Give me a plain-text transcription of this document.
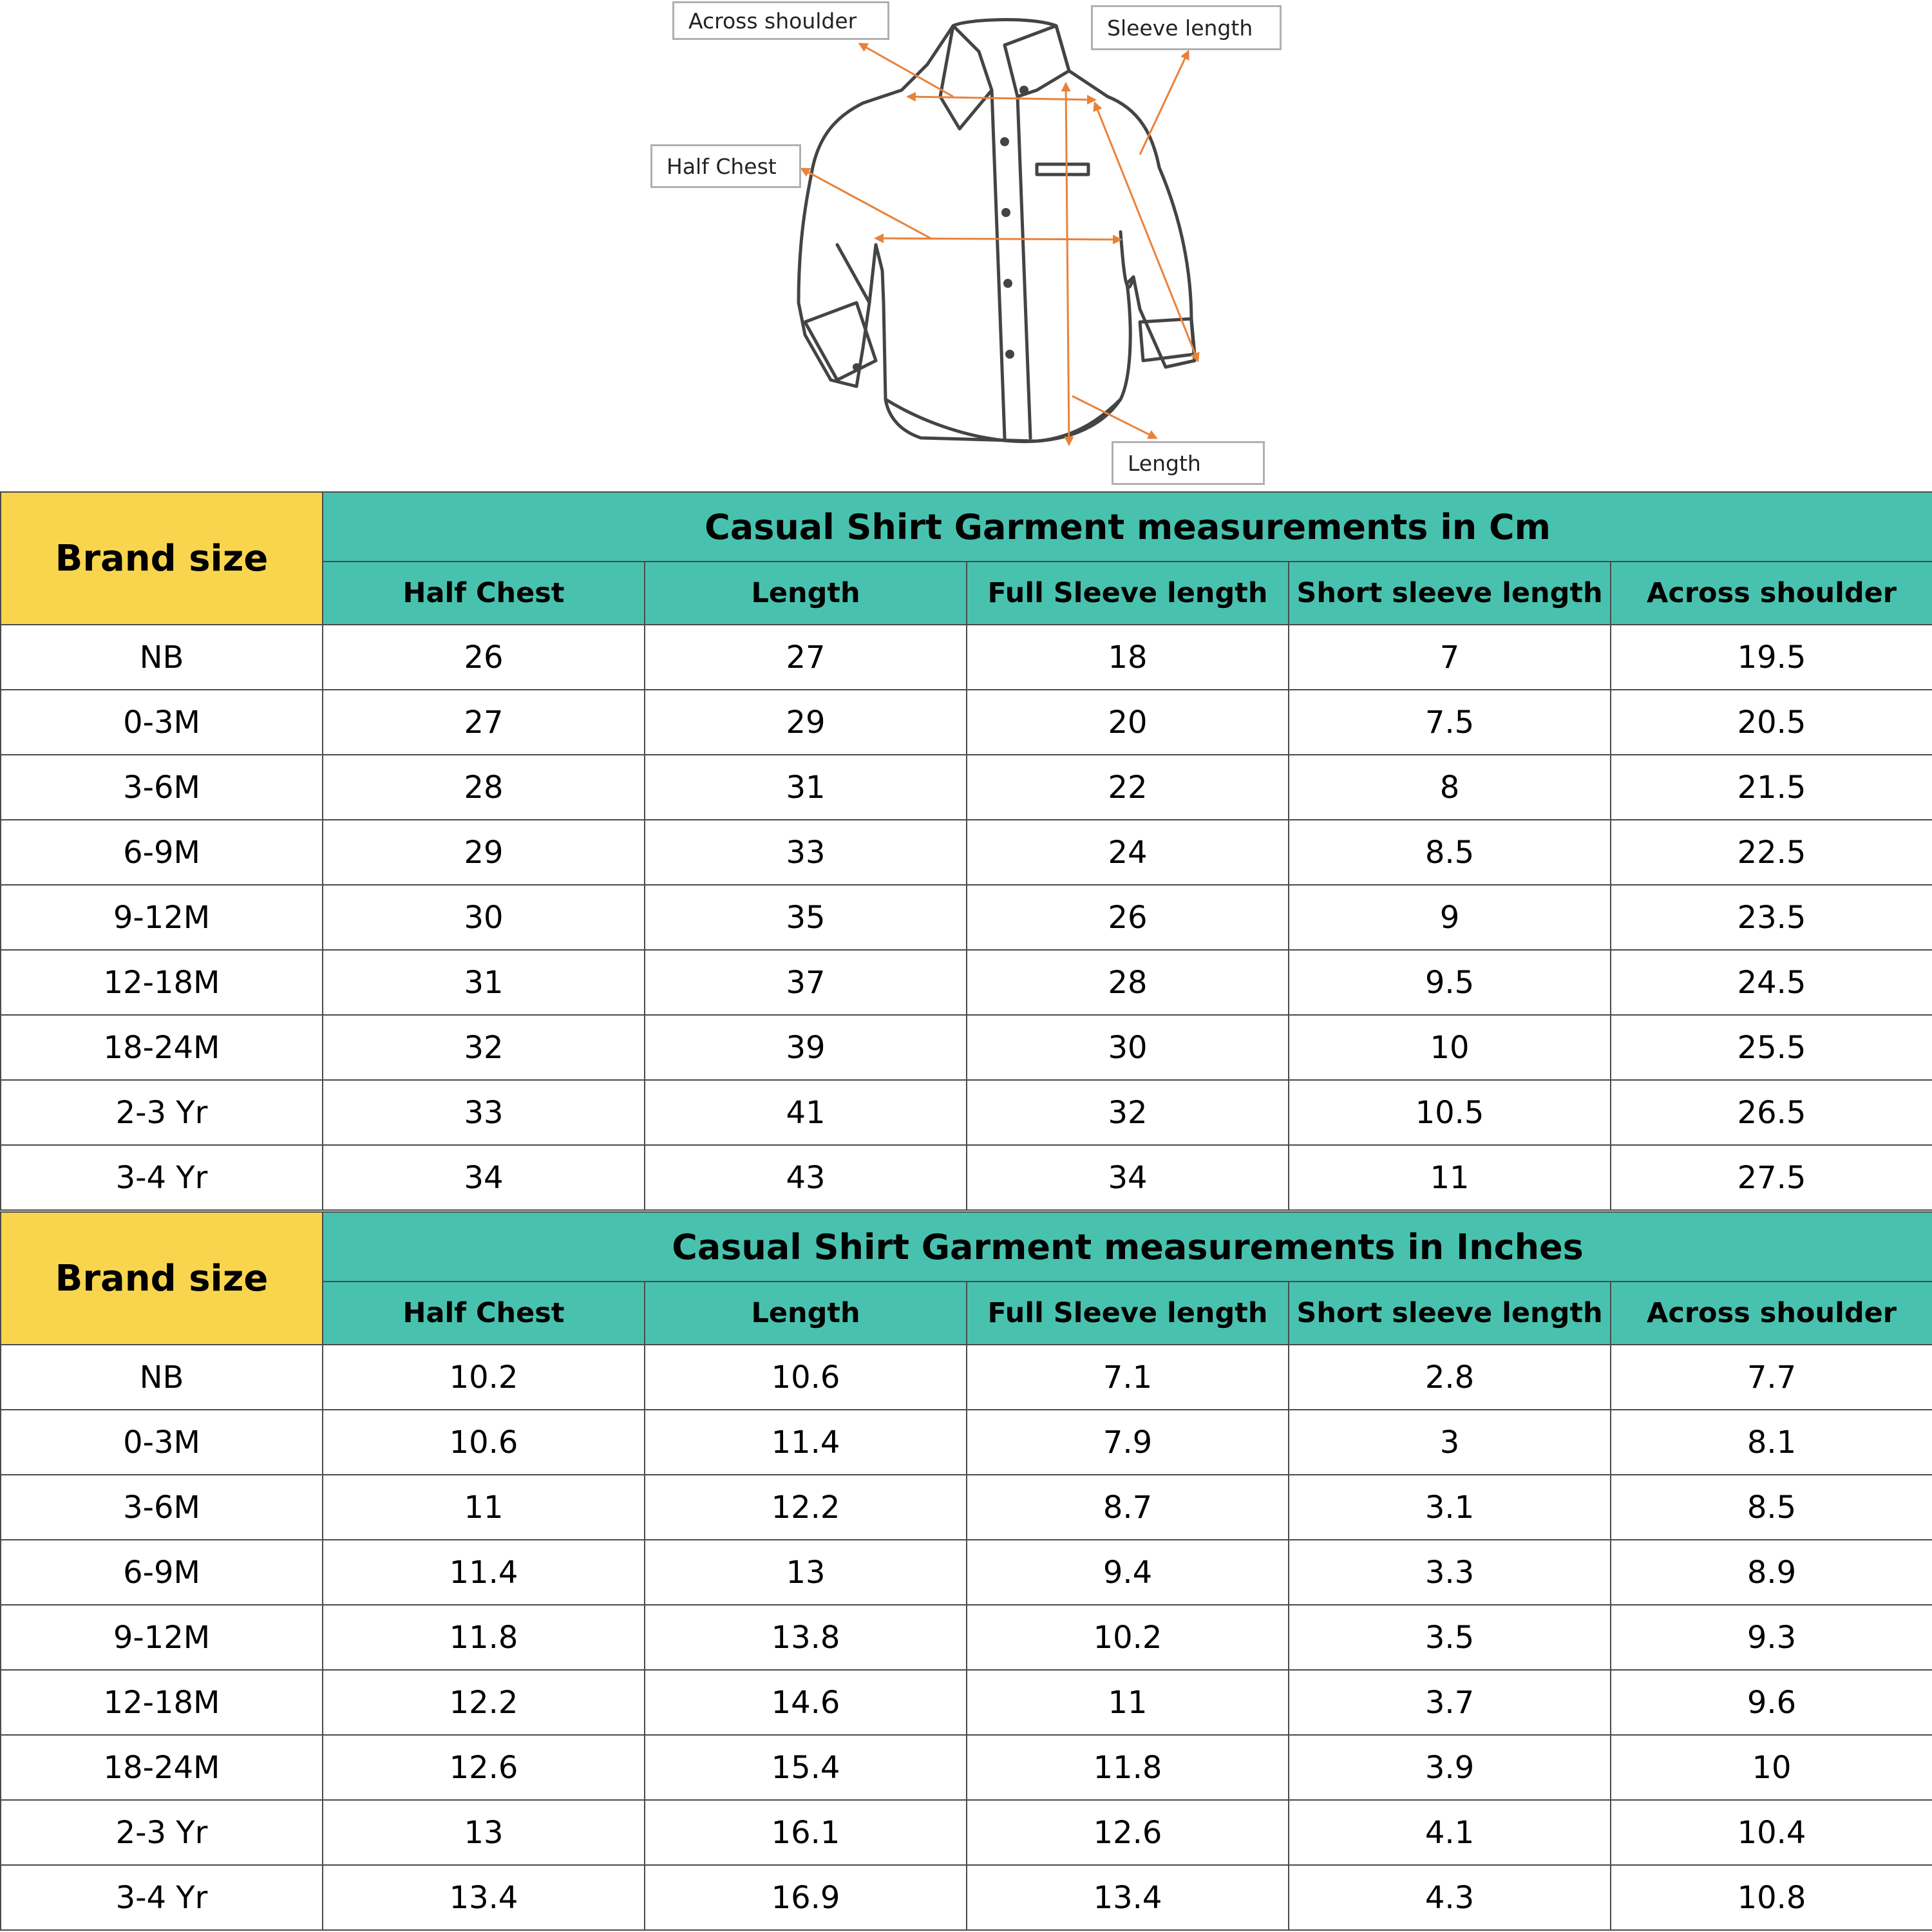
Across shoulder	Sleeve length
Half Chest
Length
Brand size	Casual Shirt Garment measurements in Cm				
	Half Chest	Length	Full Sleeve length	Short sleeve length	Across shoulder
NB	26	27	18	7	19.5
0-3M	27	29	20	7.5	20.5
3-6M	28	31	22	8	21.5
6-9M	29	33	24	8.5	22.5
9-12M	30	35	26	9	23.5
12-18M	31	37	28	9.5	24.5
18-24M	32	39	30	10	25.5
2-3 Yr	33	41	32	10.5	26.5
3-4 Yr	34	43	34	11	27.5
Brand size	Casual Shirt Garment measurements in Inches				
	Half Chest	Length	Full Sleeve length	Short sleeve length	Across shoulder
NB	10.2	10.6	7.1	2.8	7.7
0-3M	10.6	11.4	7.9	3	8.1
3-6M	11	12.2	8.7	3.1	8.5
6-9M	11.4	13	9.4	3.3	8.9
9-12M	11.8	13.8	10.2	3.5	9.3
12-18M	12.2	14.6	11	3.7	9.6
18-24M	12.6	15.4	11.8	3.9	10
2-3 Yr	13	16.1	12.6	4.1	10.4
3-4 Yr	13.4	16.9	13.4	4.3	10.8
